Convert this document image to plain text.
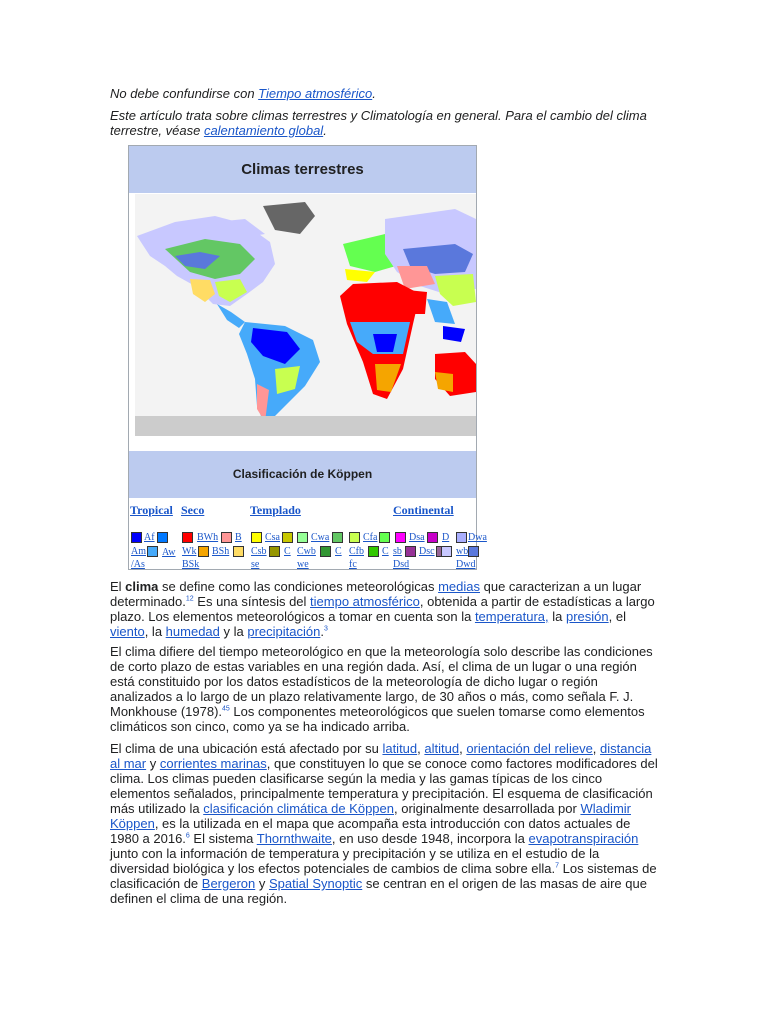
No debe confundirse con Tiempo atmosférico.
Este artículo trata sobre climas terrestres y Climatología en general. Para el cambio del clima terrestre, véase calentamiento global.
Climas terrestres
Clasificación de Köppen
Tropical Seco	Templado	Continental
Af
Am Aw
/As
BWh B
Wk BSh
BSk
Csa
Csb C
se
Cwa
Cwb C
we
Cfa
Cfb C
fc
Dsa D
sb Dsc
Dsd
Dwa
wb
Dwd
El clima se define como las condiciones meteorológicas medias que caracterizan a un lugar determinado.$^{12}$ Es una síntesis del tiempo atmosférico, obtenida a partir de estadísticas a largo plazo. Los elementos meteorológicos a tomar en cuenta son la temperatura, la presión, el viento, la humedad y la precipitación.$^3$
El clima difiere del tiempo meteorológico en que la meteorología solo describe las condiciones de corto plazo de estas variables en una región dada. Así, el clima de un lugar o una región está constituido por los datos estadísticos de la meteorología de dicho lugar o región analizados a lo largo de un plazo relativamente largo, de 30 años o más, como señala F. J. Monkhouse (1978).$^{45}$ Los componentes meteorológicos que suelen tomarse como elementos climáticos son cinco, como ya se ha indicado arriba.
El clima de una ubicación está afectado por su latitud, altitud, orientación del relieve, distancia al mar y corrientes marinas, que constituyen lo que se conoce como factores modificadores del clima. Los climas pueden clasificarse según la media y las gamas típicas de los cinco elementos señalados, principalmente temperatura y precipitación. El esquema de clasificación más utilizado la clasificación climática de Köppen, originalmente desarrollada por Wladimir Köppen, es la utilizada en el mapa que acompaña esta introducción con datos actuales de 1980 a 2016.$^6$ El sistema Thornthwaite, en uso desde 1948, incorpora la evapotranspiración junto con la información de temperatura y precipitación y se utiliza en el estudio de la diversidad biológica y los efectos potenciales de cambios de clima sobre ella.$^7$ Los sistemas de clasificación de Bergeron y Spatial Synoptic se centran en el origen de las masas de aire que definen el clima de una región.
